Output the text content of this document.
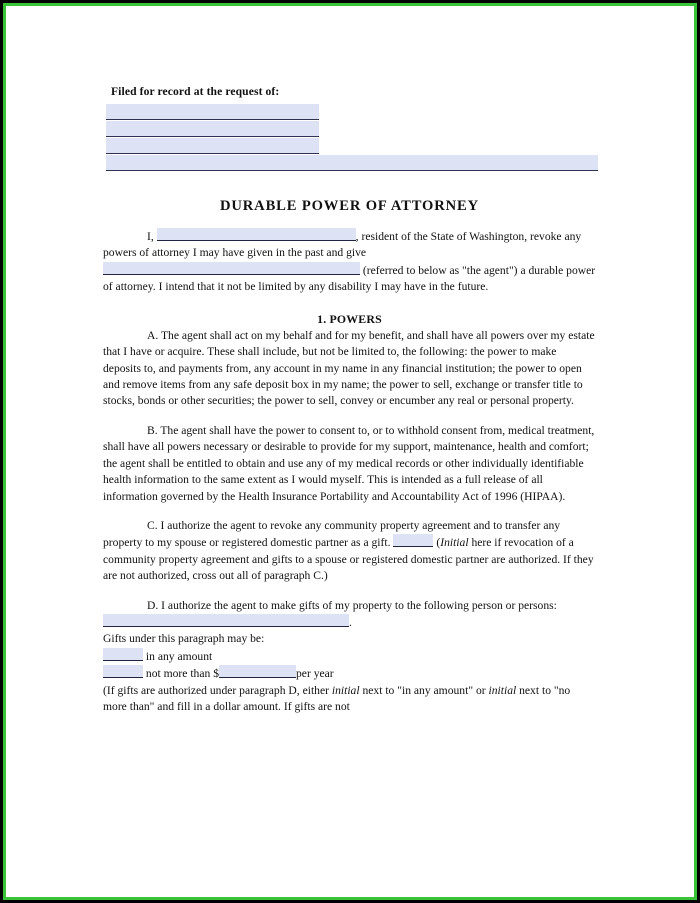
Filed for record at the request of:

DURABLE POWER OF ATTORNEY

I,	, resident of the State of Washington, revoke any powers of attorney I may have given in the past and give  (referred to below as "the agent") a durable power of attorney. I intend that it not be limited by any disability I may have in the future.

1. POWERS

A. The agent shall act on my behalf and for my benefit, and shall have all powers over my estate that I have or acquire. These shall include, but not be limited to, the following: the power to make deposits to, and payments from, any account in my name in any financial institution; the power to open and remove items from any safe deposit box in my name; the power to sell, exchange or transfer title to stocks, bonds or other securities; the power to sell, convey or encumber any real or personal property.

B. The agent shall have the power to consent to, or to withhold consent from, medical treatment, shall have all powers necessary or desirable to provide for my support, maintenance, health and comfort; the agent shall be entitled to obtain and use any of my medical records or other individually identifiable health information to the same extent as I would myself. This is intended as a full release of all information governed by the Health Insurance Portability and Accountability Act of 1996 (HIPAA).

C. I authorize the agent to revoke any community property agreement and to transfer any property to my spouse or registered domestic partner as a gift.	(Initial here if revocation of a community property agreement and gifts to a spouse or registered domestic partner are authorized. If they are not authorized, cross out all of paragraph C.)

D. I authorize the agent to make gifts of my property to the following person or persons: .

Gifts under this paragraph may be:

in any amount

not more than $	per year

(If gifts are authorized under paragraph D, either initial next to "in any amount" or initial next to "no more than" and fill in a dollar amount. If gifts are not
